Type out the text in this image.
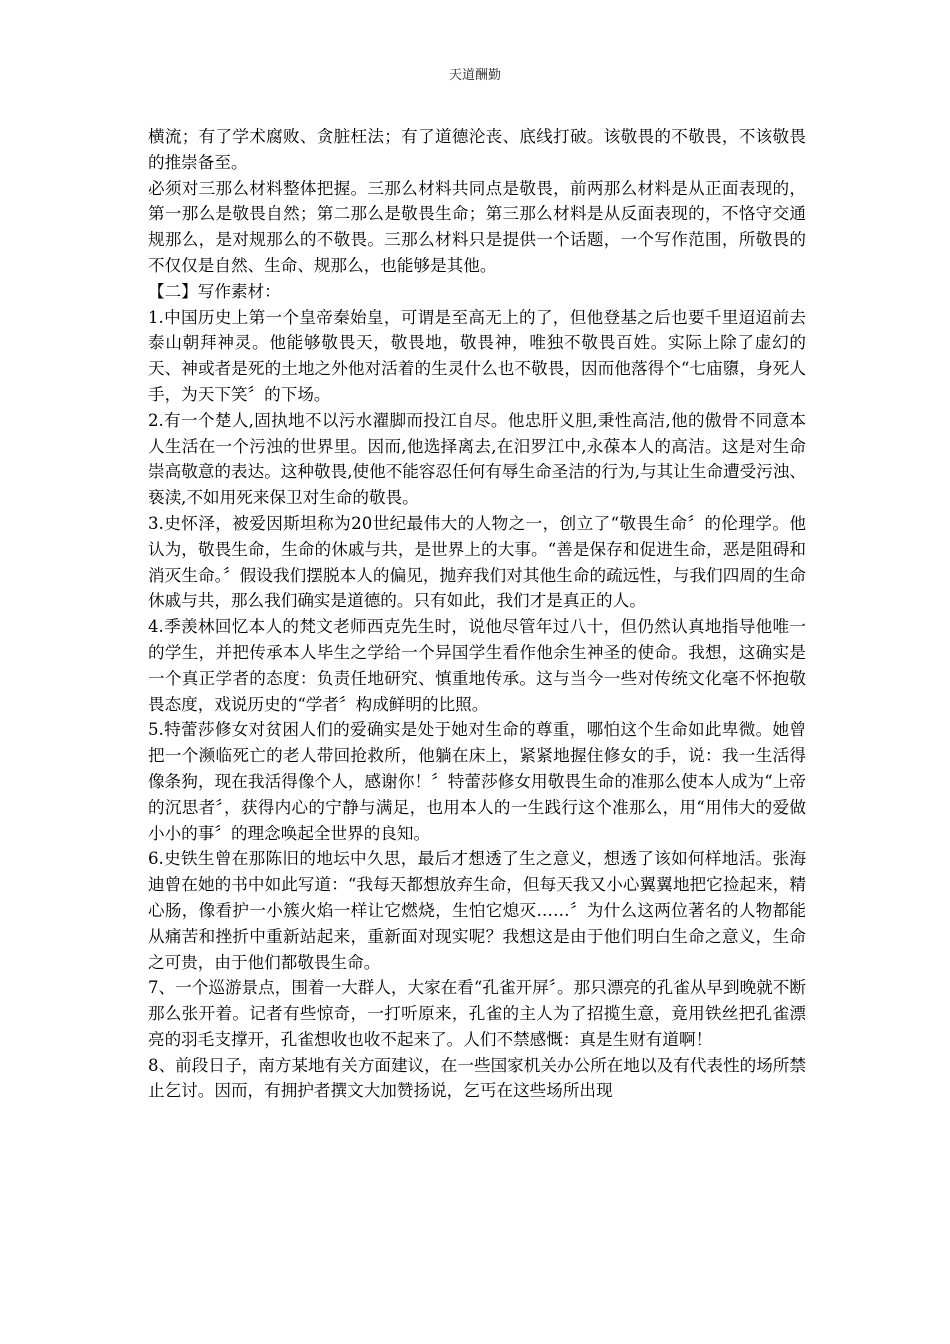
天道酬勤

横流；有了学术腐败、贪脏枉法；有了道德沦丧、底线打破。该敬畏的不敬畏，不该敬畏的推崇备至。

必须对三那么材料整体把握。三那么材料共同点是敬畏，前两那么材料是从正面表现的，第一那么是敬畏自然；第二那么是敬畏生命；第三那么材料是从反面表现的，不恪守交通规那么，是对规那么的不敬畏。三那么材料只是提供一个话题，一个写作范围，所敬畏的不仅仅是自然、生命、规那么，也能够是其他。

【二】写作素材：

1.中国历史上第一个皇帝秦始皇，可谓是至高无上的了，但他登基之后也要千里迢迢前去泰山朝拜神灵。他能够敬畏天，敬畏地，敬畏神，唯独不敬畏百姓。实际上除了虚幻的天、神或者是死的土地之外他对活着的生灵什么也不敬畏，因而他落得个“七庙隳，身死人手，为天下笑〞的下场。

2.有一个楚人,固执地不以污水濯脚而投江自尽。他忠肝义胆,秉性高洁,他的傲骨不同意本人生活在一个污浊的世界里。因而,他选择离去,在汨罗江中,永葆本人的高洁。这是对生命崇高敬意的表达。这种敬畏,使他不能容忍任何有辱生命圣洁的行为,与其让生命遭受污浊、亵渎,不如用死来保卫对生命的敬畏。

3.史怀泽，被爱因斯坦称为20世纪最伟大的人物之一，创立了“敬畏生命〞的伦理学。他认为，敬畏生命，生命的休戚与共，是世界上的大事。“善是保存和促进生命，恶是阻碍和消灭生命。〞假设我们摆脱本人的偏见，抛弃我们对其他生命的疏远性，与我们四周的生命休戚与共，那么我们确实是道德的。只有如此，我们才是真正的人。

4.季羡林回忆本人的梵文老师西克先生时，说他尽管年过八十，但仍然认真地指导他唯一的学生，并把传承本人毕生之学给一个异国学生看作他余生神圣的使命。我想，这确实是一个真正学者的态度：负责任地研究、慎重地传承。这与当今一些对传统文化毫不怀抱敬畏态度，戏说历史的“学者〞构成鲜明的比照。

5.特蕾莎修女对贫困人们的爱确实是处于她对生命的尊重，哪怕这个生命如此卑微。她曾把一个濒临死亡的老人带回抢救所，他躺在床上，紧紧地握住修女的手，说：我一生活得像条狗，现在我活得像个人，感谢你！〞特蕾莎修女用敬畏生命的准那么使本人成为“上帝的沉思者〞，获得内心的宁静与满足，也用本人的一生践行这个准那么，用“用伟大的爱做小小的事〞的理念唤起全世界的良知。

6.史铁生曾在那陈旧的地坛中久思，最后才想透了生之意义，想透了该如何样地活。张海迪曾在她的书中如此写道：“我每天都想放弃生命，但每天我又小心翼翼地把它捡起来，精心肠，像看护一小簇火焰一样让它燃烧，生怕它熄灭……〞为什么这两位著名的人物都能从痛苦和挫折中重新站起来，重新面对现实呢？我想这是由于他们明白生命之意义，生命之可贵，由于他们都敬畏生命。

7、一个巡游景点，围着一大群人，大家在看“孔雀开屏〞。那只漂亮的孔雀从早到晚就不断那么张开着。记者有些惊奇，一打听原来，孔雀的主人为了招揽生意，竟用铁丝把孔雀漂亮的羽毛支撑开，孔雀想收也收不起来了。人们不禁感慨：真是生财有道啊！

8、前段日子，南方某地有关方面建议，在一些国家机关办公所在地以及有代表性的场所禁止乞讨。因而，有拥护者撰文大加赞扬说，乞丐在这些场所出现
